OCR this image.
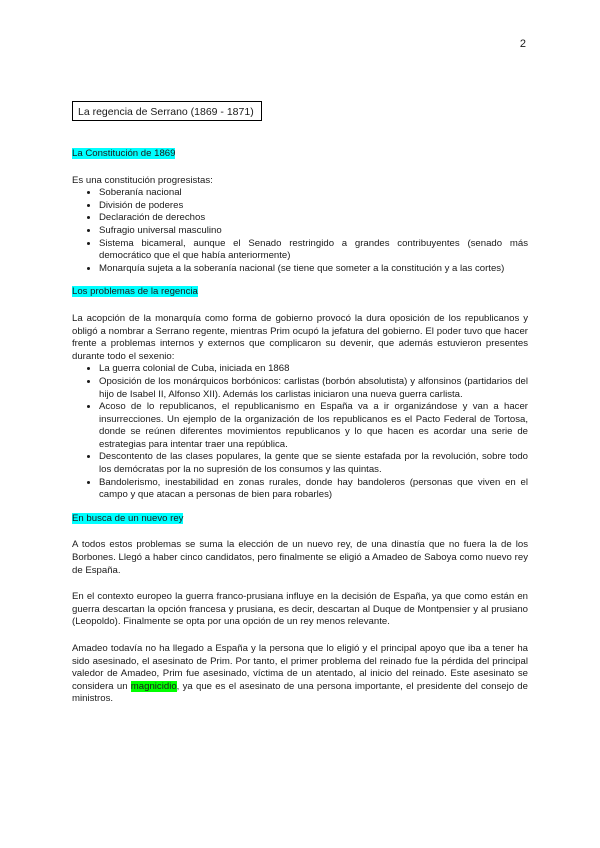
2
La regencia de Serrano (1869 - 1871)
La Constitución de 1869

Es una constitución progresistas:

• Soberanía nacional
• División de poderes
• Declaración de derechos
• Sufragio universal masculino
• Sistema bicameral, aunque el Senado restringido a grandes contribuyentes (senado más democrático que el que había anteriormente)
• Monarquía sujeta a la soberanía nacional (se tiene que someter a la constitución y a las cortes)
Los problemas de la regencia

La acopción de la monarquía como forma de gobierno provocó la dura oposición de los republicanos y obligó a nombrar a Serrano regente, mientras Prim ocupó la jefatura del gobierno. El poder tuvo que hacer frente a problemas internos y externos que complicaron su devenir, que además estuvieron presentes durante todo el sexenio:

• La guerra colonial de Cuba, iniciada en 1868
• Oposición de los monárquicos borbónicos: carlistas (borbón absolutista) y alfonsinos (partidarios del hijo de Isabel II, Alfonso XII). Además los carlistas iniciaron una nueva guerra carlista.
• Acoso de lo republicanos, el republicanismo en España va a ir organizándose y van a hacer insurrecciones. Un ejemplo de la organización de los republicanos es el Pacto Federal de Tortosa, donde se reúnen diferentes movimientos republicanos y lo que hacen es acordar una serie de estrategias para intentar traer una república.
• Descontento de las clases populares, la gente que se siente estafada por la revolución, sobre todo los demócratas por la no supresión de los consumos y las quintas.
• Bandolerismo, inestabilidad en zonas rurales, donde hay bandoleros (personas que viven en el campo y que atacan a personas de bien para robarles)
En busca de un nuevo rey

A todos estos problemas se suma la elección de un nuevo rey, de una dinastía que no fuera la de los Borbones. Llegó a haber cinco candidatos, pero finalmente se eligió a Amadeo de Saboya como nuevo rey de España.

En el contexto europeo la guerra franco-prusiana influye en la decisión de España, ya que como están en guerra descartan la opción francesa y prusiana, es decir, descartan al Duque de Montpensier y al prusiano (Leopoldo). Finalmente se opta por una opción de un rey menos relevante.

Amadeo todavía no ha llegado a España y la persona que lo eligió y el principal apoyo que iba a tener ha sido asesinado, el asesinato de Prim. Por tanto, el primer problema del reinado fue la pérdida del principal valedor de Amadeo, Prim fue asesinado, víctima de un atentado, al inicio del reinado. Este asesinato se considera un magnicidio, ya que es el asesinato de una persona importante, el presidente del consejo de ministros.
